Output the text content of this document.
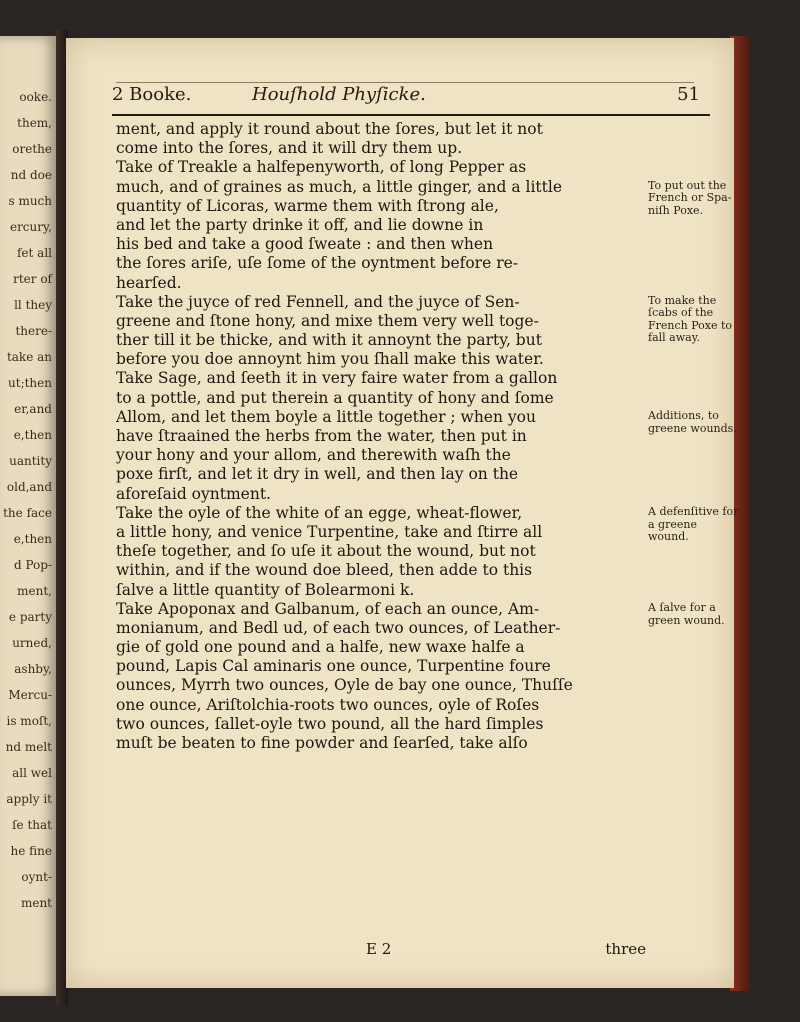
ooke.
them,
orethe
nd doe
s much
ercury,
fet all
rter of
ll they
there-
take an
ut;then
er,and
e,then
uantity
old,and
the face
e,then
d Pop-
ment,
e party
urned,
ashby,
Mercu-
is moſt,
nd melt
all wel
apply it
ſe that
he fine
oynt-
ment
2 Booke.	Houſhold Phyſicke.	51
ment, and apply it round about the ſores, but let it not
come into the ſores, and it will dry them up.
Take of Treakle a halfepenyworth, of long Pepper as
much, and of graines as much, a little ginger, and a little
quantity of Licoras, warme them with ſtrong ale,
and let the party drinke it off, and lie downe in
his bed and take a good ſweate : and then when
the ſores ariſe, uſe ſome of the oyntment before re-
hearſed.
Take the juyce of red Fennell, and the juyce of Sen-
greene and ſtone hony, and mixe them very well toge-
ther till it be thicke, and with it annoynt the party, but
before you doe annoynt him you ſhall make this water.
Take Sage, and ſeeth it in very faire water from a gallon
to a pottle, and put therein a quantity of hony and ſome
Allom, and let them boyle a little together ; when you
have ſtraained the herbs from the water, then put in
your hony and your allom, and therewith waſh the
poxe firſt, and let it dry in well, and then lay on the
aforeſaid oyntment.
Take the oyle of the white of an egge, wheat-flower,
a little hony, and venice Turpentine, take and ſtirre all
theſe together, and ſo uſe it about the wound, but not
within, and if the wound doe bleed, then adde to this
ſalve a little quantity of Bolearmoni k.
Take Apoponax and Galbanum, of each an ounce, Am-
monianum, and Bedl ud, of each two ounces, of Leather-
gie of gold one pound and a halfe, new waxe halfe a
pound, Lapis Cal aminaris one ounce, Turpentine foure
ounces, Myrrh two ounces, Oyle de bay one ounce, Thuſſe
one ounce, Ariſtolchia-roots two ounces, oyle of Roſes
two ounces, ſallet-oyle two pound, all the hard ſimples
muſt be beaten to fine powder and ſearſed, take alſo
To put out the French or Spa- niſh Poxe.
To make the ſcabs of the French Poxe to fall away.
Additions, to greene wounds.
A defenſitive for a greene wound.
A ſalve for a green wound.
E 2	three
